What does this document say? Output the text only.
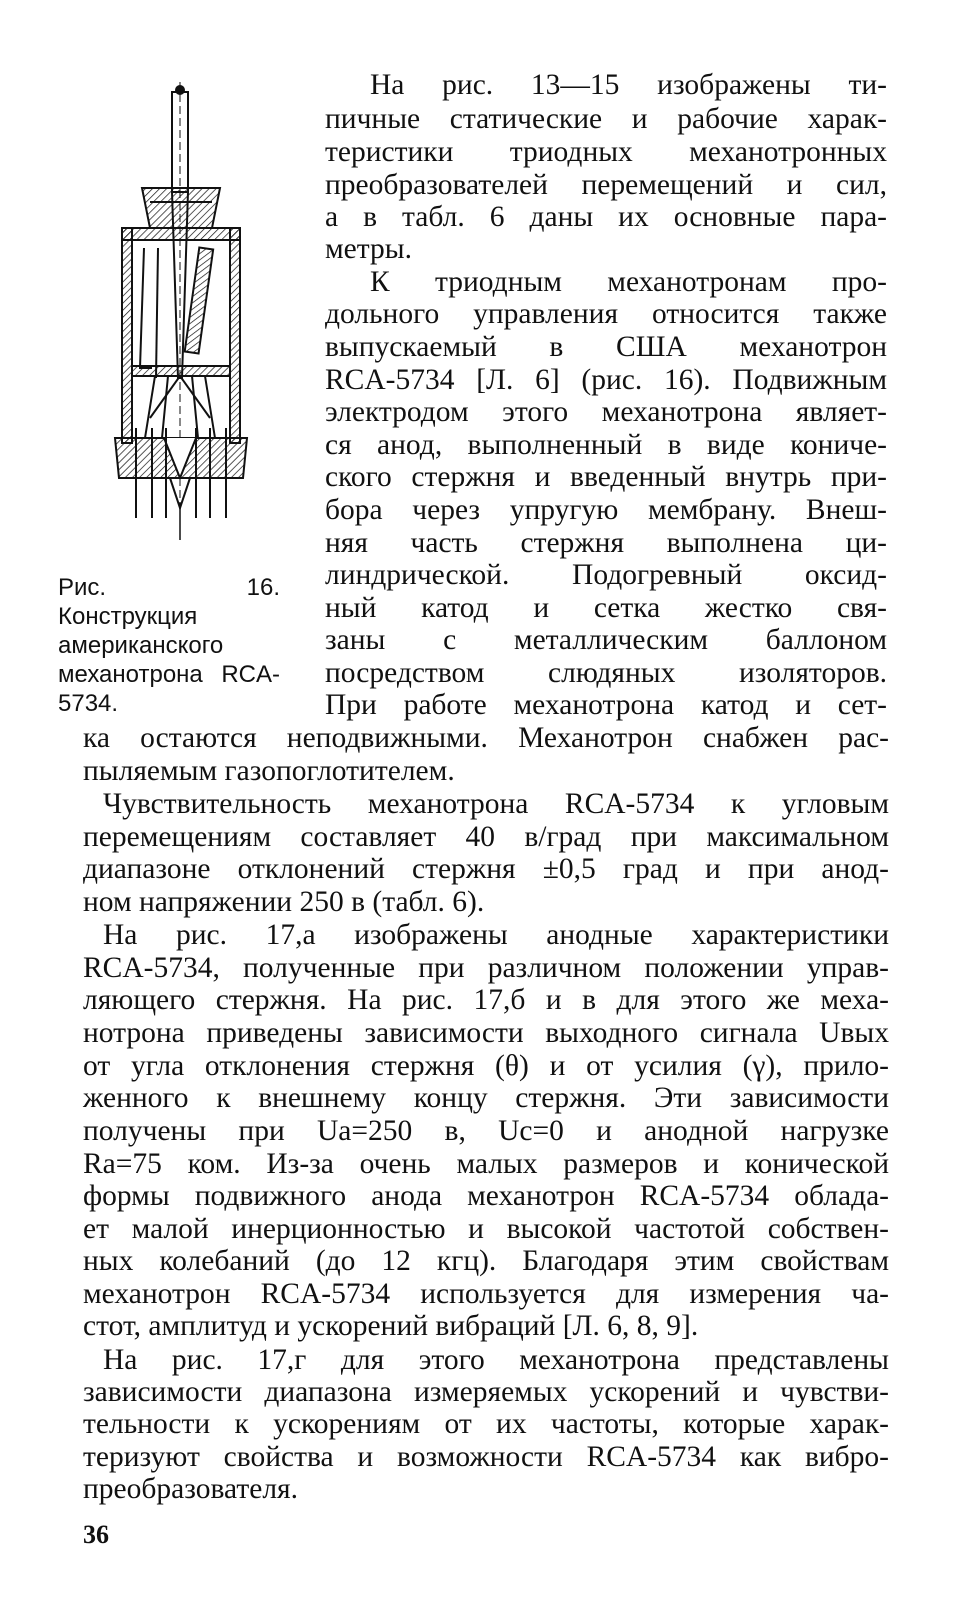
Рис. 16. Конструкция американского механотрона RCA-5734.
На рис. 13—15 изображены ти-
пичные статические и рабочие харак-
теристики триодных механотронных
преобразователей перемещений и сил,
а в табл. 6 даны их основные пара-
метры.
К триодным механотронам про-
дольного управления относится также
выпускаемый в США механотрон
RCA-5734 [Л. 6] (рис. 16). Подвижным
электродом этого механотрона являет-
ся анод, выполненный в виде кониче-
ского стержня и введенный внутрь при-
бора через упругую мембрану. Внеш-
няя часть стержня выполнена ци-
линдрической. Подогревный оксид-
ный катод и сетка жестко свя-
заны с металлическим баллоном
посредством слюдяных изоляторов.
При работе механотрона катод и сет-
ка остаются неподвижными. Механотрон снабжен рас-
пыляемым газопоглотителем.
Чувствительность механотрона RCA-5734 к угловым
перемещениям составляет 40 в/град при максимальном
диапазоне отклонений стержня ±0,5 град и при анод-
ном напряжении 250 в (табл. 6).
На рис. 17,а изображены анодные характеристики
RCA-5734, полученные при различном положении управ-
ляющего стержня. На рис. 17,б и в для этого же меха-
нотрона приведены зависимости выходного сигнала Uвых
от угла отклонения стержня (θ) и от усилия (γ), прило-
женного к внешнему концу стержня. Эти зависимости
получены при Uа=250 в, Uс=0 и анодной нагрузке
Rа=75 ком. Из-за очень малых размеров и конической
формы подвижного анода механотрон RCA-5734 облада-
ет малой инерционностью и высокой частотой собствен-
ных колебаний (до 12 кгц). Благодаря этим свойствам
механотрон RCA-5734 используется для измерения ча-
стот, амплитуд и ускорений вибраций [Л. 6, 8, 9].
На рис. 17,г для этого механотрона представлены
зависимости диапазона измеряемых ускорений и чувстви-
тельности к ускорениям от их частоты, которые харак-
теризуют свойства и возможности RCA-5734 как вибро-
преобразователя.
36
